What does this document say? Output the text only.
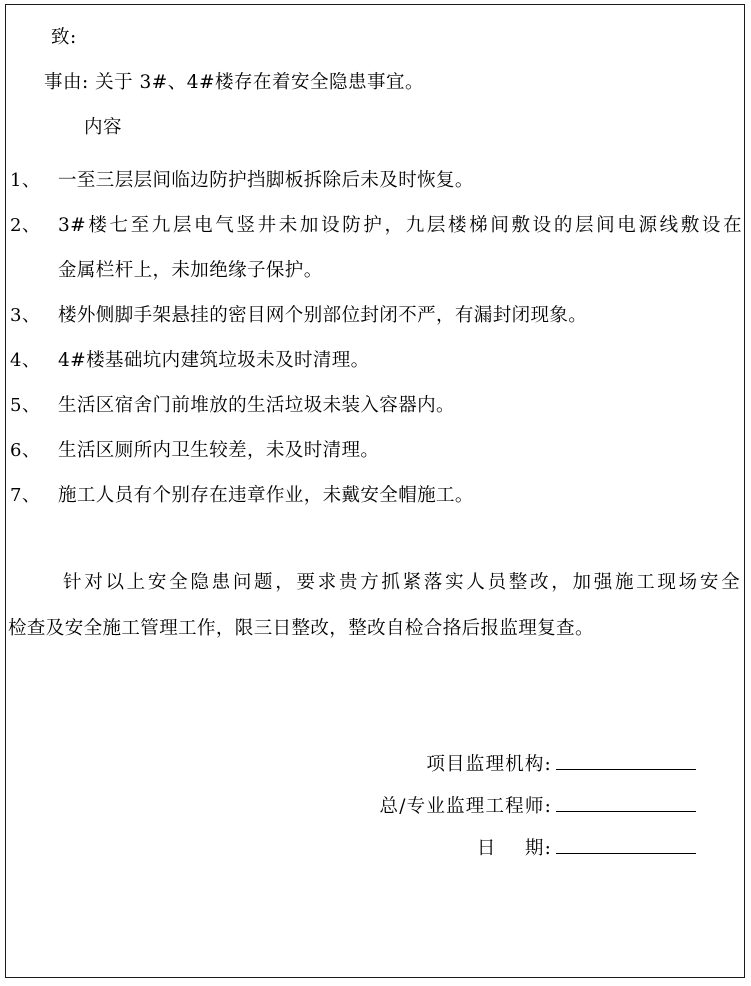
致:
事由: 关于 3#、4#楼存在着安全隐患事宜。
内容
1、 一至三层层间临边防护挡脚板拆除后未及时恢复。
2、 3#楼七至九层电气竖井未加设防护，九层楼梯间敷设的层间电源线敷设在
金属栏杆上，未加绝缘子保护。
3、 楼外侧脚手架悬挂的密目网个别部位封闭不严，有漏封闭现象。
4、 4#楼基础坑内建筑垃圾未及时清理。
5、 生活区宿舍门前堆放的生活垃圾未装入容器内。
6、 生活区厕所内卫生较差，未及时清理。
7、 施工人员有个别存在违章作业，未戴安全帽施工。
针对以上安全隐患问题，要求贵方抓紧落实人员整改，加强施工现场安全
检查及安全施工管理工作，限三日整改，整改自检合挌后报监理复查。
项目监理机构:
总/专业监理工程师:
日    期:
